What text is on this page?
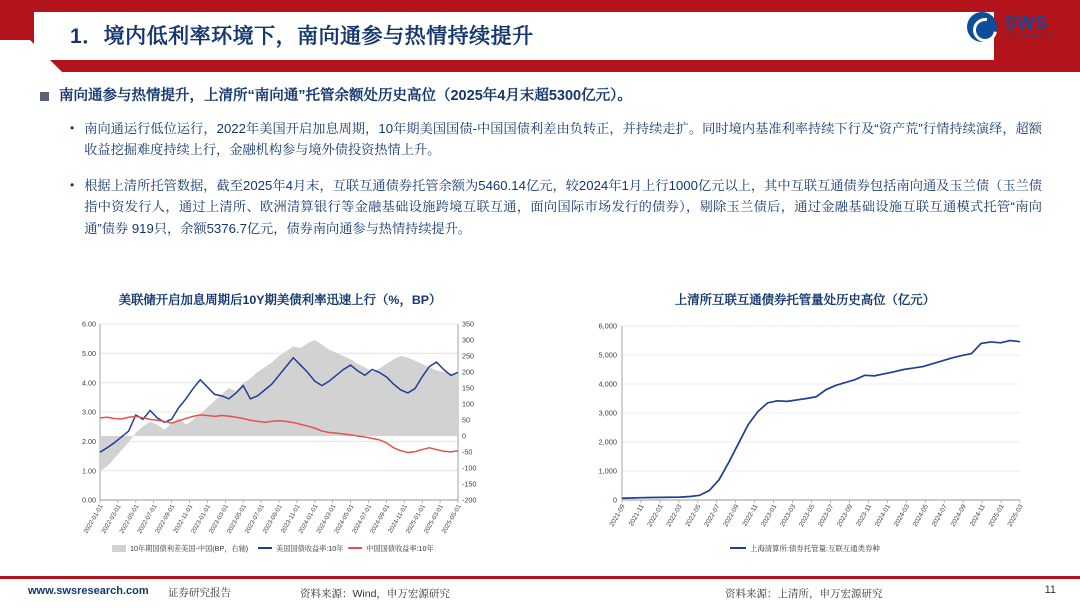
1．境内低利率环境下，南向通参与热情持续提升
SWS
RESEARCH
南向通参与热情提升，上清所“南向通”托管余额处历史高位（2025年4月末超5300亿元）。
• 南向通运行低位运行，2022年美国开启加息周期，10年期美国国债-中国国债利差由负转正，并持续走扩。同时境内基准利率持续下行及“资产荒”行情持续演绎，超额收益挖掘难度持续上行，金融机构参与境外债投资热情上升。
• 根据上清所托管数据，截至2025年4月末，互联互通债券托管余额为5460.14亿元，较2024年1月上行1000亿元以上，其中互联互通债券包括南向通及玉兰债（玉兰债指中资发行人，通过上清所、欧洲清算银行等金融基础设施跨境互联互通，面向国际市场发行的债券），剔除玉兰债后，通过金融基础设施互联互通模式托管“南向通”债券 919只，余额5376.7亿元，债券南向通参与热情持续提升。
美联储开启加息周期后10Y期美债利率迅速上行（%，BP）	上清所互联互通债券托管量处历史高位（亿元）
0.00
1.00
2.00
3.00
4.00
5.00
6.00
-200
-150
-100
-50
0
50
100
150
200
250
300
350
2022-01-01
2022-03-01
2022-05-01
2022-07-01
2022-09-01
2022-11-01
2023-01-01
2023-03-01
2023-05-01
2023-07-01
2023-09-01
2023-11-01
2024-01-01
2024-03-01
2024-05-01
2024-07-01
2024-09-01
2024-11-01
2025-01-01
2025-03-01
2025-05-01
10年期国债利差美国-中国(BP，右轴)	美国国债收益率:10年	中国国债收益率:10年
0
1,000
2,000
3,000
4,000
5,000
6,000
2021-09 2021-11 2022-01 2022-03 2022-05 2022-07 2022-09 2022-11 2023-01 2023-03 2023-05 2023-07 2023-09 2023-11 2024-01 2024-03 2024-05 2024-07 2024-09 2024-11 2025-01 2025-03
上海清算所:债券托管量:互联互通类券种
www.swsresearch.com 证券研究报告	资料来源：Wind，申万宏源研究	资料来源：上清所，申万宏源研究	11
